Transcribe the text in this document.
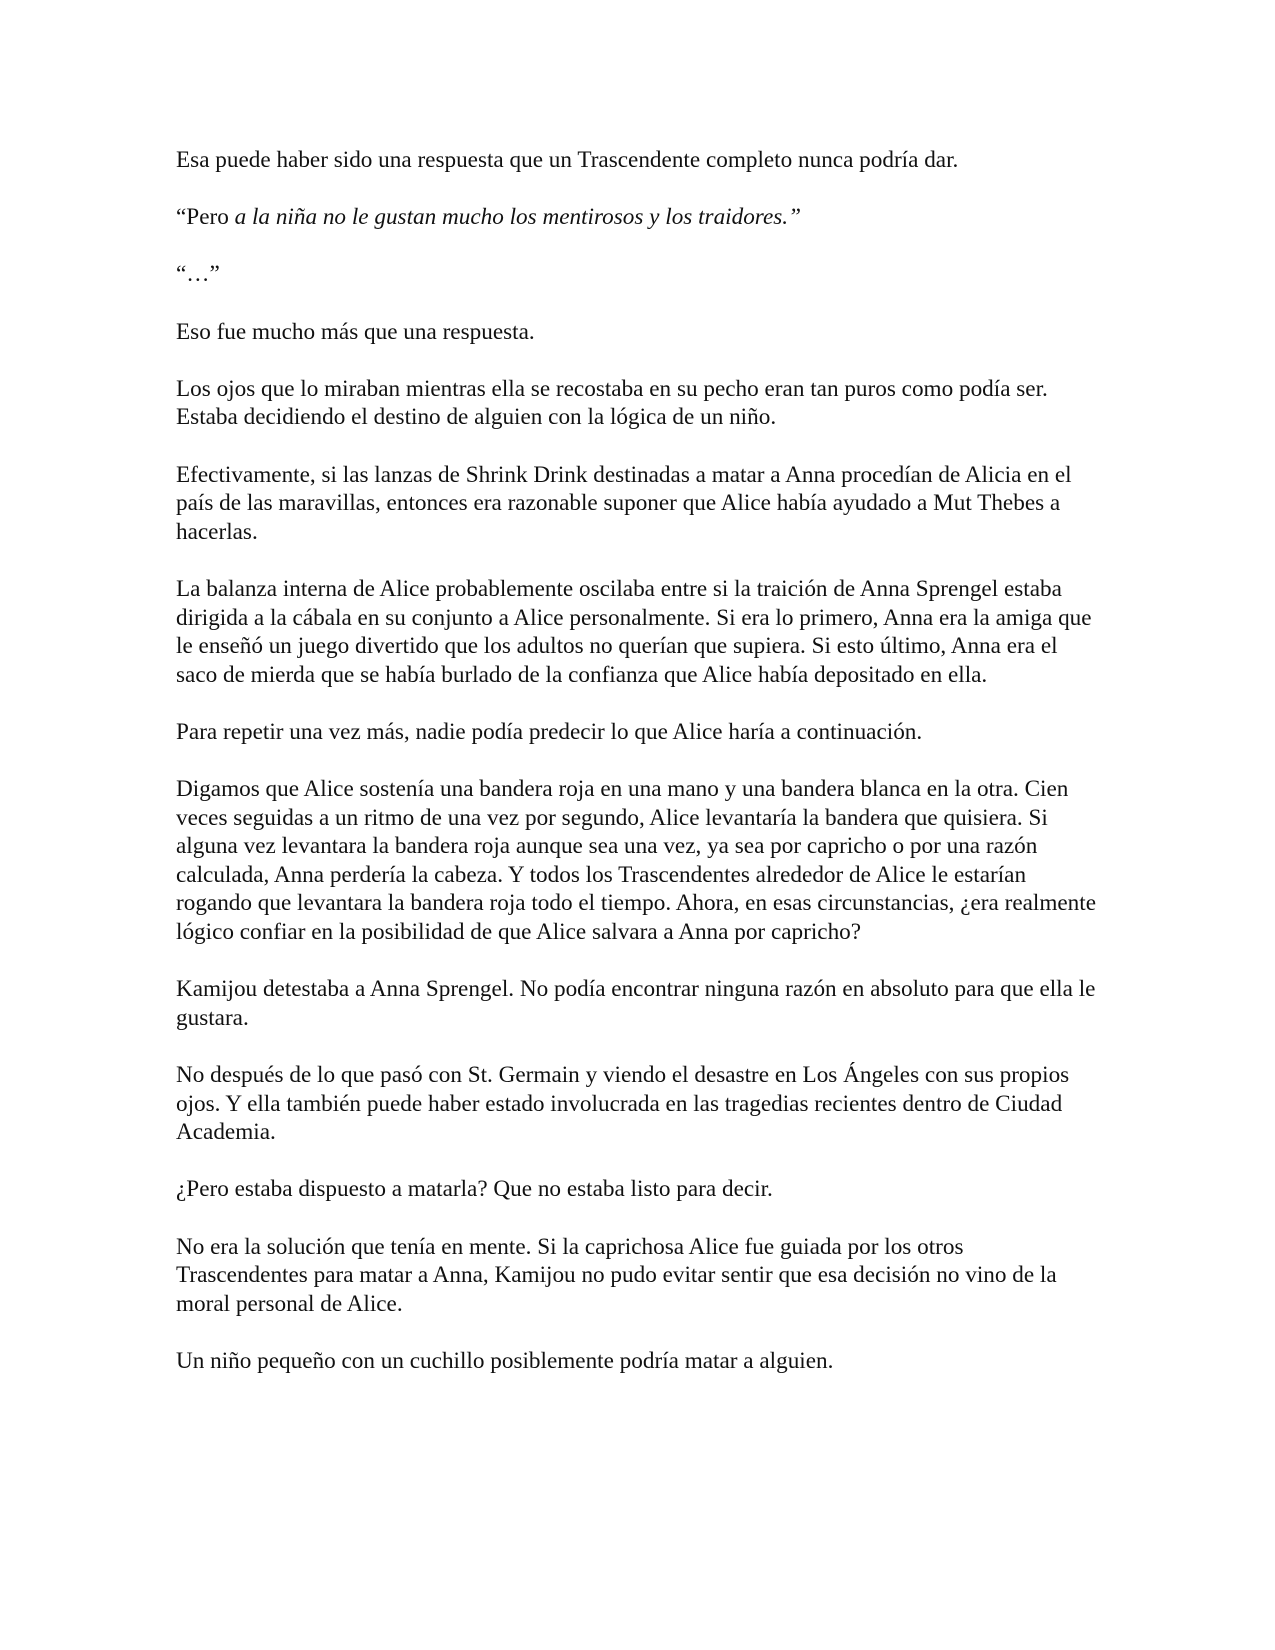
Esa puede haber sido una respuesta que un Trascendente completo nunca podría dar.

“Pero a la niña no le gustan mucho los mentirosos y los traidores.”

“…”

Eso fue mucho más que una respuesta.

Los ojos que lo miraban mientras ella se recostaba en su pecho eran tan puros como podía ser. Estaba decidiendo el destino de alguien con la lógica de un niño.

Efectivamente, si las lanzas de Shrink Drink destinadas a matar a Anna procedían de Alicia en el país de las maravillas, entonces era razonable suponer que Alice había ayudado a Mut Thebes a hacerlas.

La balanza interna de Alice probablemente oscilaba entre si la traición de Anna Sprengel estaba dirigida a la cábala en su conjunto a Alice personalmente. Si era lo primero, Anna era la amiga que le enseñó un juego divertido que los adultos no querían que supiera. Si esto último, Anna era el saco de mierda que se había burlado de la confianza que Alice había depositado en ella.

Para repetir una vez más, nadie podía predecir lo que Alice haría a continuación.

Digamos que Alice sostenía una bandera roja en una mano y una bandera blanca en la otra. Cien veces seguidas a un ritmo de una vez por segundo, Alice levantaría la bandera que quisiera. Si alguna vez levantara la bandera roja aunque sea una vez, ya sea por capricho o por una razón calculada, Anna perdería la cabeza. Y todos los Trascendentes alrededor de Alice le estarían rogando que levantara la bandera roja todo el tiempo. Ahora, en esas circunstancias, ¿era realmente lógico confiar en la posibilidad de que Alice salvara a Anna por capricho?

Kamijou detestaba a Anna Sprengel. No podía encontrar ninguna razón en absoluto para que ella le gustara.

No después de lo que pasó con St. Germain y viendo el desastre en Los Ángeles con sus propios ojos. Y ella también puede haber estado involucrada en las tragedias recientes dentro de Ciudad Academia.

¿Pero estaba dispuesto a matarla? Que no estaba listo para decir.

No era la solución que tenía en mente. Si la caprichosa Alice fue guiada por los otros Trascendentes para matar a Anna, Kamijou no pudo evitar sentir que esa decisión no vino de la moral personal de Alice.

Un niño pequeño con un cuchillo posiblemente podría matar a alguien.
